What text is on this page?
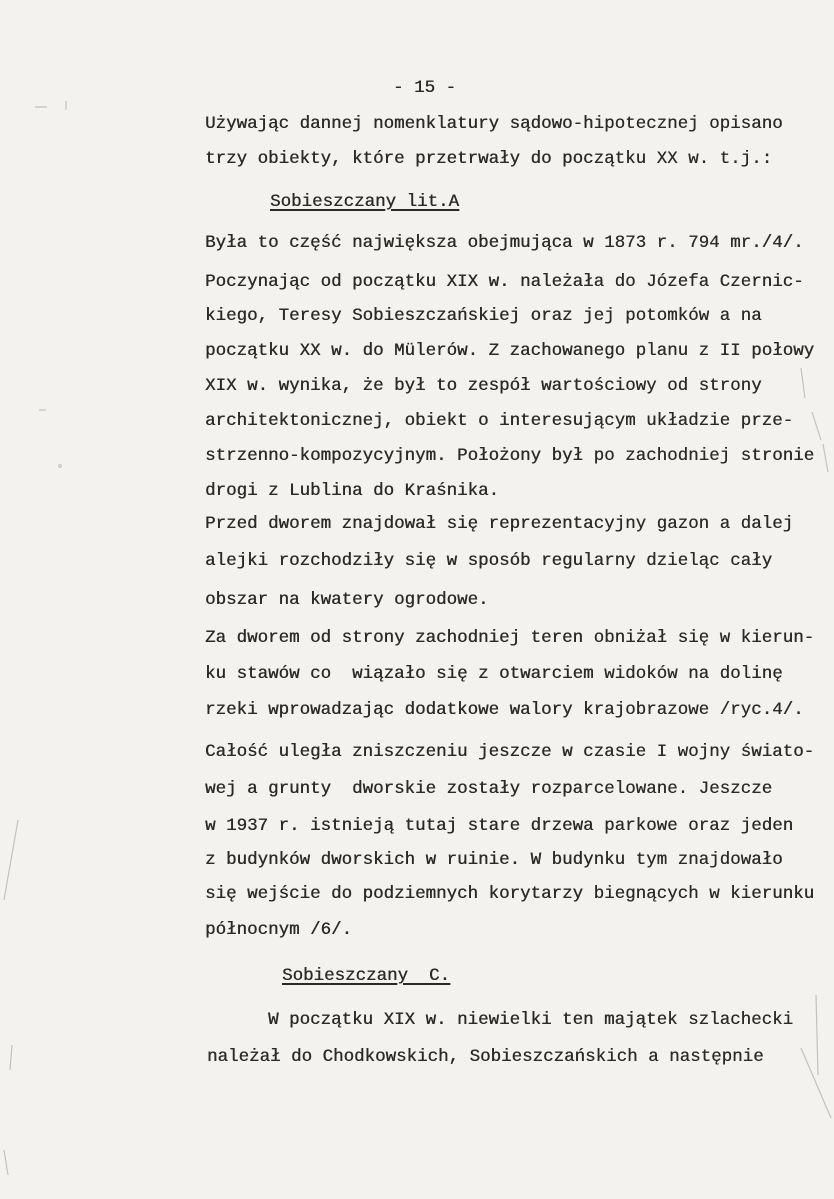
- 15 -
Używając dannej nomenklatury sądowo-hipotecznej opisano
trzy obiekty, które przetrwały do początku XX w. t.j.:
Sobieszczany lit.A
Była to część największa obejmująca w 1873 r. 794 mr./4/.
Poczynając od początku XIX w. należała do Józefa Czernic-
kiego, Teresy Sobieszczańskiej oraz jej potomków a na
początku XX w. do Mülerów. Z zachowanego planu z II połowy
XIX w. wynika, że był to zespół wartościowy od strony
architektonicznej, obiekt o interesującym układzie prze-
strzenno-kompozycyjnym. Położony był po zachodniej stronie
drogi z Lublina do Kraśnika.
Przed dworem znajdował się reprezentacyjny gazon a dalej
alejki rozchodziły się w sposób regularny dzieląc cały
obszar na kwatery ogrodowe.
Za dworem od strony zachodniej teren obniżał się w kierun-
ku stawów co  wiązało się z otwarciem widoków na dolinę
rzeki wprowadzając dodatkowe walory krajobrazowe /ryc.4/.
Całość uległa zniszczeniu jeszcze w czasie I wojny świato-
wej a grunty  dworskie zostały rozparcelowane. Jeszcze
w 1937 r. istnieją tutaj stare drzewa parkowe oraz jeden
z budynków dworskich w ruinie. W budynku tym znajdowało
się wejście do podziemnych korytarzy biegnących w kierunku
północnym /6/.
Sobieszczany  C.
W początku XIX w. niewielki ten majątek szlachecki
należał do Chodkowskich, Sobieszczańskich a następnie
